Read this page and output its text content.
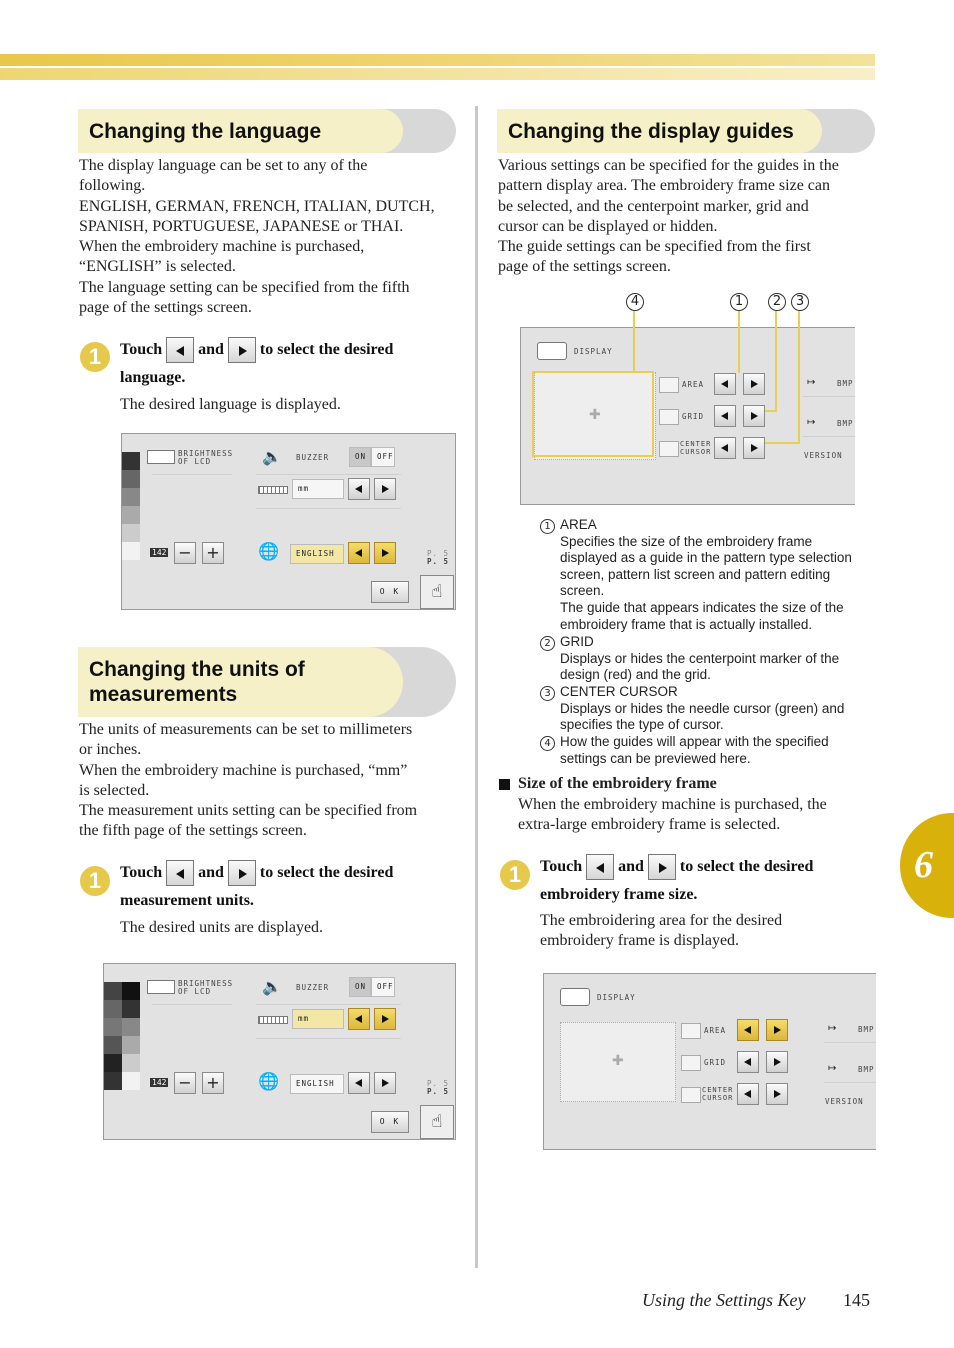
Changing the language
The display language can be set to any of the
following.
ENGLISH, GERMAN, FRENCH, ITALIAN, DUTCH,
SPANISH, PORTUGUESE, JAPANESE or THAI.
When the embroidery machine is purchased,
“ENGLISH” is selected.
The language setting can be specified from the fifth
page of the settings screen.
1	Touch and to select the desired
language.
The desired language is displayed.
BRIGHTNESS
OF LCD	🔈 BUZZER	ON	OFF
mm
142 − +	🌐	ENGLISH	P. 5
P. 5
O K	☝
Changing the units of
measurements
The units of measurements can be set to millimeters
or inches.
When the embroidery machine is purchased, “mm”
is selected.
The measurement units setting can be specified from
the fifth page of the settings screen.
1	Touch and to select the desired
measurement units.
The desired units are displayed.
BRIGHTNESS
OF LCD	🔈 BUZZER	ON	OFF
mm
142 − +	🌐	ENGLISH	P. 5
P. 5
O K	☝
Changing the display guides
Various settings can be specified for the guides in the
pattern display area. The embroidery frame size can
be selected, and the centerpoint marker, grid and
cursor can be displayed or hidden.
The guide settings can be specified from the first
page of the settings screen.
4	1	2	3
DISPLAY
✚
AREA
GRID
CENTER
CURSOR
↦	BMP
↦	BMP
VERSION
1 AREA
Specifies the size of the embroidery frame
displayed as a guide in the pattern type selection
screen, pattern list screen and pattern editing
screen.
The guide that appears indicates the size of the
embroidery frame that is actually installed.
2 GRID
Displays or hides the centerpoint marker of the
design (red) and the grid.
3 CENTER CURSOR
Displays or hides the needle cursor (green) and
specifies the type of cursor.
4 How the guides will appear with the specified
settings can be previewed here.
Size of the embroidery frame
When the embroidery machine is purchased, the
extra-large embroidery frame is selected.
1	Touch and to select the desired
embroidery frame size.
The embroidering area for the desired
embroidery frame is displayed.
DISPLAY
✚
AREA
GRID
CENTER
CURSOR
↦	BMP
↦	BMP
VERSION
6
Using the Settings Key 145
